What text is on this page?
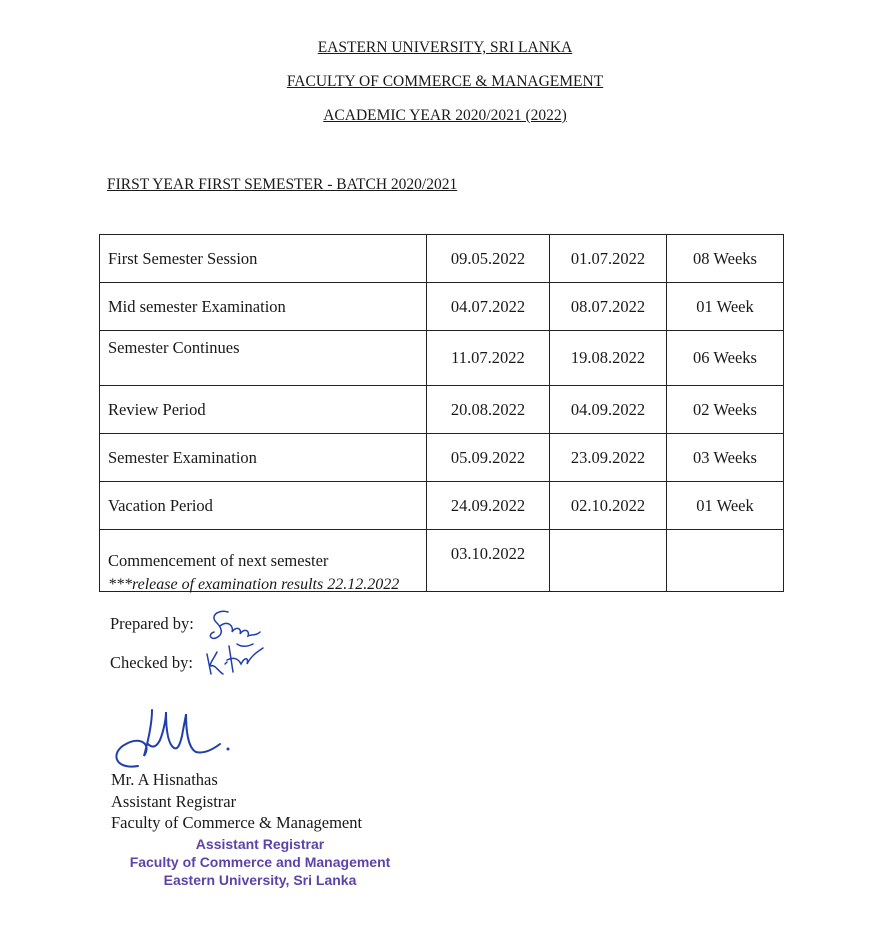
EASTERN UNIVERSITY, SRI LANKA
FACULTY OF COMMERCE & MANAGEMENT
ACADEMIC YEAR 2020/2021 (2022)
FIRST YEAR FIRST SEMESTER - BATCH 2020/2021
First Semester Session	09.05.2022	01.07.2022	08 Weeks
Mid semester Examination	04.07.2022	08.07.2022	01 Week
Semester Continues	11.07.2022	19.08.2022	06 Weeks
Review Period	20.08.2022	04.09.2022	02 Weeks
Semester Examination	05.09.2022	23.09.2022	03 Weeks
Vacation Period	24.09.2022	02.10.2022	01 Week
Commencement of next semester	03.10.2022		
***release of examination results 22.12.2022
Prepared by:
Checked by:
Mr. A Hisnathas
Assistant Registrar
Faculty of Commerce & Management
Assistant Registrar
Faculty of Commerce and Management
Eastern University, Sri Lanka
